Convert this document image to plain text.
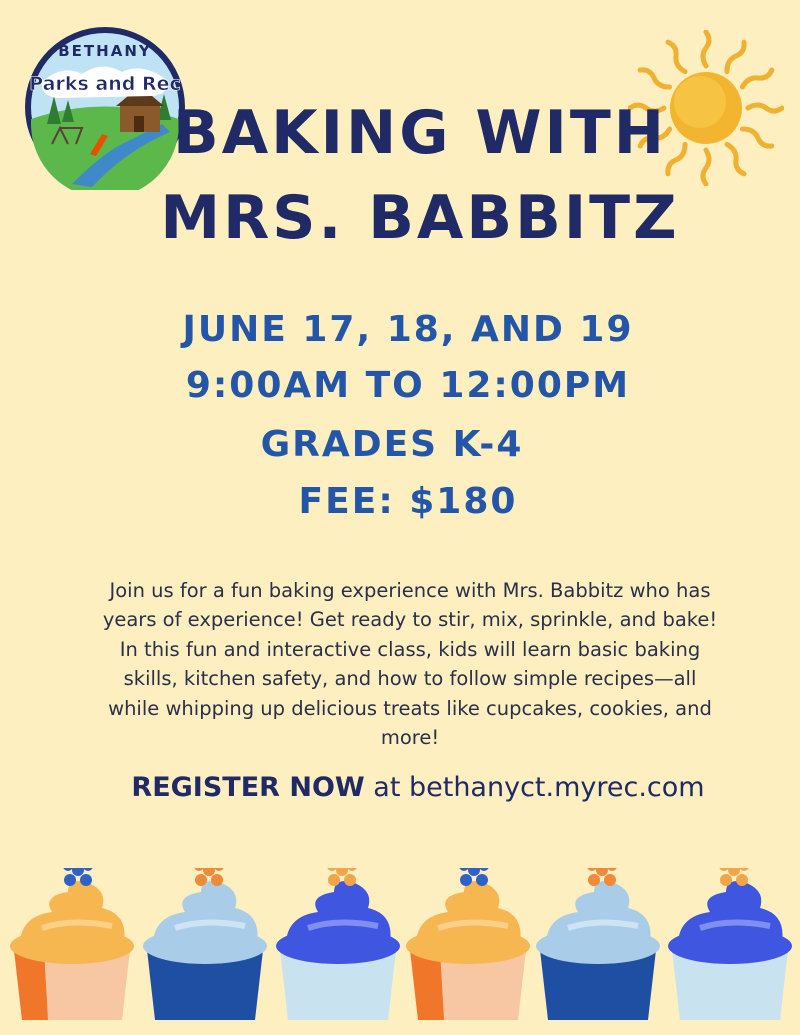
BETHANY
Parks and Rec
BAKING WITH
MRS. BABBITZ
JUNE 17, 18, AND 19
9:00AM TO 12:00PM
GRADES K-4
FEE: $180

Join us for a fun baking experience with Mrs. Babbitz who has years of experience! Get ready to stir, mix, sprinkle, and bake! In this fun and interactive class, kids will learn basic baking skills, kitchen safety, and how to follow simple recipes—all while whipping up delicious treats like cupcakes, cookies, and more!

REGISTER NOW at bethanyct.myrec.com
